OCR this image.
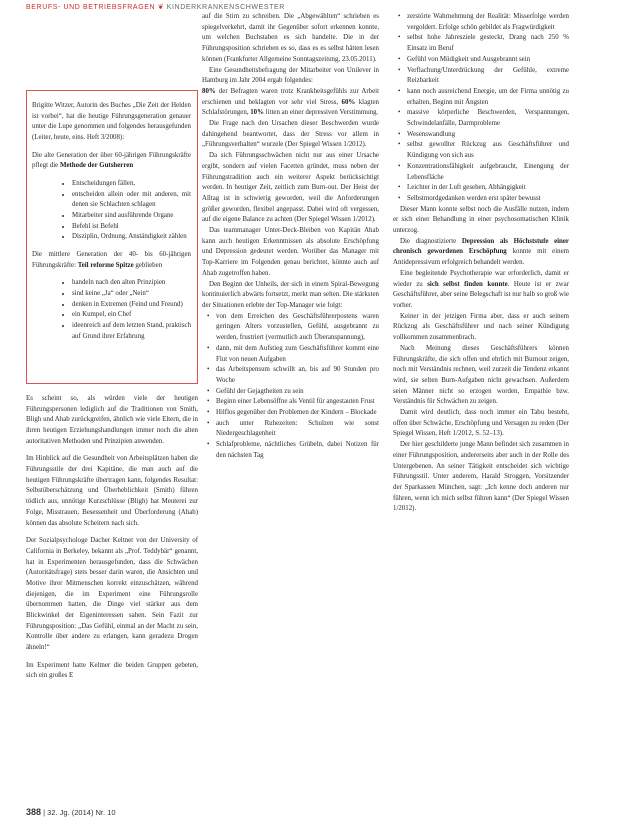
BERUFS- UND BETRIEBSFRAGEN ❦ KINDERKRANKENSCHWESTER

Brigitte Witzer, Autorin des Buches „Die Zeit der Helden ist vorbei“, hat die heutige Führungsgeneration genauer unter die Lupe genommen und folgendes herausgefunden (Leiter, heute, eins. Heft 3/2008):

Die alte Generation der über 60-jährigen Führungskräfte pflegt die Methode der Gutsherren

• Entscheidungen fällen,
• entscheiden allein oder mit anderen, mit denen sie Schlachten schlagen
• Mitarbeiter sind ausführende Organe
• Befehl ist Befehl
• Disziplin, Ordnung, Anständigkeit zählen

Die mittlere Generation der 40- bis 60-jährigen Führungskräfte: Teil reforme Spitze geblieben

• handeln nach den alten Prinzipien
• sind keine „Ja“ oder „Nein“
• denken in Extremen (Feind und Freund)
• ein Kumpel, ein Chef
• ideenreich auf dem letzten Stand, praktisch auf Grund ihrer Erfahrung

Es scheint so, als würden viele der heutigen Führungspersonen lediglich auf die Traditionen von Smith, Bligh und Ahab zurückgreifen, ähnlich wie viele Eltern, die in ihren heutigen Erziehungshandlungen immer noch die alten autoritativen Methoden und Prinzipien anwenden.

Im Hinblick auf die Gesundheit von Arbeitsplätzen haben die Führungsstile der drei Kapitäne, die man auch auf die heutigen Führungskräfte übertragen kann, folgendes Resultat: Selbstüberschätzung und Überheblichkeit (Smith) führen tödlich aus, unnötige Kurzschlüsse (Bligh) hat Meuterei zur Folge, Misstrauen, Besessenheit und Überforderung (Ahab) können das absolute Scheitern nach sich.

Der Sozialpsychologe Dacher Keltner von der University of California in Berkeley, bekannt als „Prof. Teddybär“ genannt, hat in Experimenten herausgefunden, dass die Schwächen (Autoritätsfrage) stets besser darin waren, die Ansichten und Motive ihrer Mitmenschen korrekt einzuschätzen, während diejenigen, die im Experiment eine Führungsrolle übernommen hatten, die Dinge viel stärker aus dem Blickwinkel der Eigeninteressen sahen. Sein Fazit zur Führungsposition: „Das Gefühl, einmal an der Macht zu sein, Kontrolle über andere zu erlangen, kann geradezu Drogen ähneln!“

Im Experiment hatte Keltner die beiden Gruppen gebeten, sich ein großes E

auf die Stirn zu schreiben. Die „Abgewählten“ schrieben es spiegelverkehrt, damit ihr Gegenüber sofort erkennen konnte, um welchen Buchstaben es sich handelte. Die in der Führungsposition schrieben es so, dass es es selbst hätten lesen können (Frankfurter Allgemeine Sonntagszeitung, 23.05.2011).

Eine Gesundheitsbefragung der Mitarbeiter von Unilever in Hamburg im Jahr 2004 ergab folgendes:

80% der Befragten waren trotz Krankheitsgefühls zur Arbeit erschienen und beklagten vor sehr viel Stress, 60% klagten Schlafstörungen, 10% litten an einer depressiven Verstimmung.

Die Frage nach den Ursachen dieser Beschwerden wurde dahingehend beantwortet, dass der Stress vor allem in „Führungsverhalten“ wurzele (Der Spiegel Wissen 1/2012).

Da sich Führungsschwächen nicht nur aus einer Ursache ergibt, sondern auf vielen Facetten gründet, muss neben der Führungstradition auch ein weiterer Aspekt berücksichtigt werden. In heutiger Zeit, zeitlich zum Burn-out. Der Heist der Alltag ist in schwierig geworden, weil die Anforderungen größer geworden, flexibel angepasst. Dabei wird oft vergessen, auf die eigene Balance zu achten (Der Spiegel Wissen 1/2012).

Das teammanager Unter-Deck-Bleiben von Kapitän Ahab kann auch heutigen Erkenntnissen als absolute Erschöpfung und Depression gedeutet werden. Worüber das Manager mit Top-Karriere im Folgenden genau berichtet, könnte auch auf Ahab zugetroffen haben.

Den Beginn der Unheils, der sich in einem Spiral-Bewegung kontinuierlich abwärts fortsetzt, merkt man selten. Die stärksten der Situationen erlebte der Top-Manager wie folgt:

• von dem Erreichen des Geschäftsführerpostens waren geringen Alters vorzustellen, Gefühl, ausgebrannt zu werden, frustriert (vermutlich auch Überanspannung),
• dann, mit dem Aufstieg zum Geschäftsführer kommt eine Flut von neuen Aufgaben
• das Arbeitspensum schwillt an, bis auf 90 Stunden pro Woche
• Gefühl der Gejagtheiten zu sein
• Beginn einer Lebensöffne als Ventil für angestauten Frust
• Hilflos gegenüber den Problemen der Kindern – Blockade
• auch unter Ruhezeiten: Schulzen wie sonst Niedergeschlagenheit
• Schlafprobleme, nächtliches Grübeln, dabei Notizen für den nächsten Tag
• zerstörte Wahrnehmung der Realität: Misserfolge werden vergoldert. Erfolge schön gebildet als Fragwürdigkeit
• selbst hohe Jahresziele gesteckt, Drang nach 250 % Einsatz im Beruf
• Gefühl von Müdigkeit und Ausgebrannt sein
• Verflachung/Unterdrückung der Gefühle, extreme Reizbarkeit
• kann noch ausreichend Energie, um der Firma unnötig zu erhalten, Beginn mit Ängsten
• massive körperliche Beschwerden, Verspannungen, Schwindelanfälle, Darmprobleme
• Wesenswandlung
• selbst gewollter Rückzug aus Geschäftsführer und Kündigung von sich aus
• Konzentrationsfähigkeit aufgebraucht, Einengung der Lebensfläche
• Leichter in der Luft gesehen, Abhängigkeit
• Selbstmordgedanken werden erst später bewusst

Dieser Mann konnte selbst noch die Ausfälle nutzen, indem er sich einer Behandlung in einer psychosomatischen Klinik unterzog.

Die diagnostizierte Depression als Höchststufe einer chronisch gewordenen Erschöpfung konnte mit einem Antidepressivum erfolgreich behandelt werden.

Eine begleitende Psychotherapie war erforderlich, damit er wieder zu sich selbst finden konnte. Heute ist er zwar Geschäftsführer, aber seine Belegschaft ist nur halb so groß wie vorher.

Keiner in der jetzigen Firma aber, dass er auch seinem Rückzug als Geschäftsführer und nach seiner Kündigung vollkommen zusammenbrach.

Nach Meinung dieses Geschäftsführers können Führungskräfte, die sich offen und ehrlich mit Burnout zeigen, noch mit Verständnis rechnen, weil zurzeit die Tendenz erkannt wird, sie selten Burn-Aufgaben nicht gewachsen. Außerdem seien Männer nicht so erzogen worden, Empathie bzw. Verständnis für Schwächen zu zeigen.

Damit wird deutlich, dass noch immer ein Tabu besteht, offen über Schwäche, Erschöpfung und Versagen zu reden (Der Spiegel Wissen, Heft 1/2012, S. 52–13).

Der hier geschilderte junge Mann befindet sich zusammen in einer Führungsposition, andererseits aber auch in der Rolle des Untergebenen. An seiner Tätigkeit entscheidet sich wichtige Führungsstil. Unter anderem, Harald Stroggen, Vorsitzender der Sparkassen München, sagt: „Ich kenne doch anderen nur führen, wenn ich mich selbst führen kann“ (Der Spiegel Wissen 1/2012).

388 | 32. Jg. (2014) Nr. 10
